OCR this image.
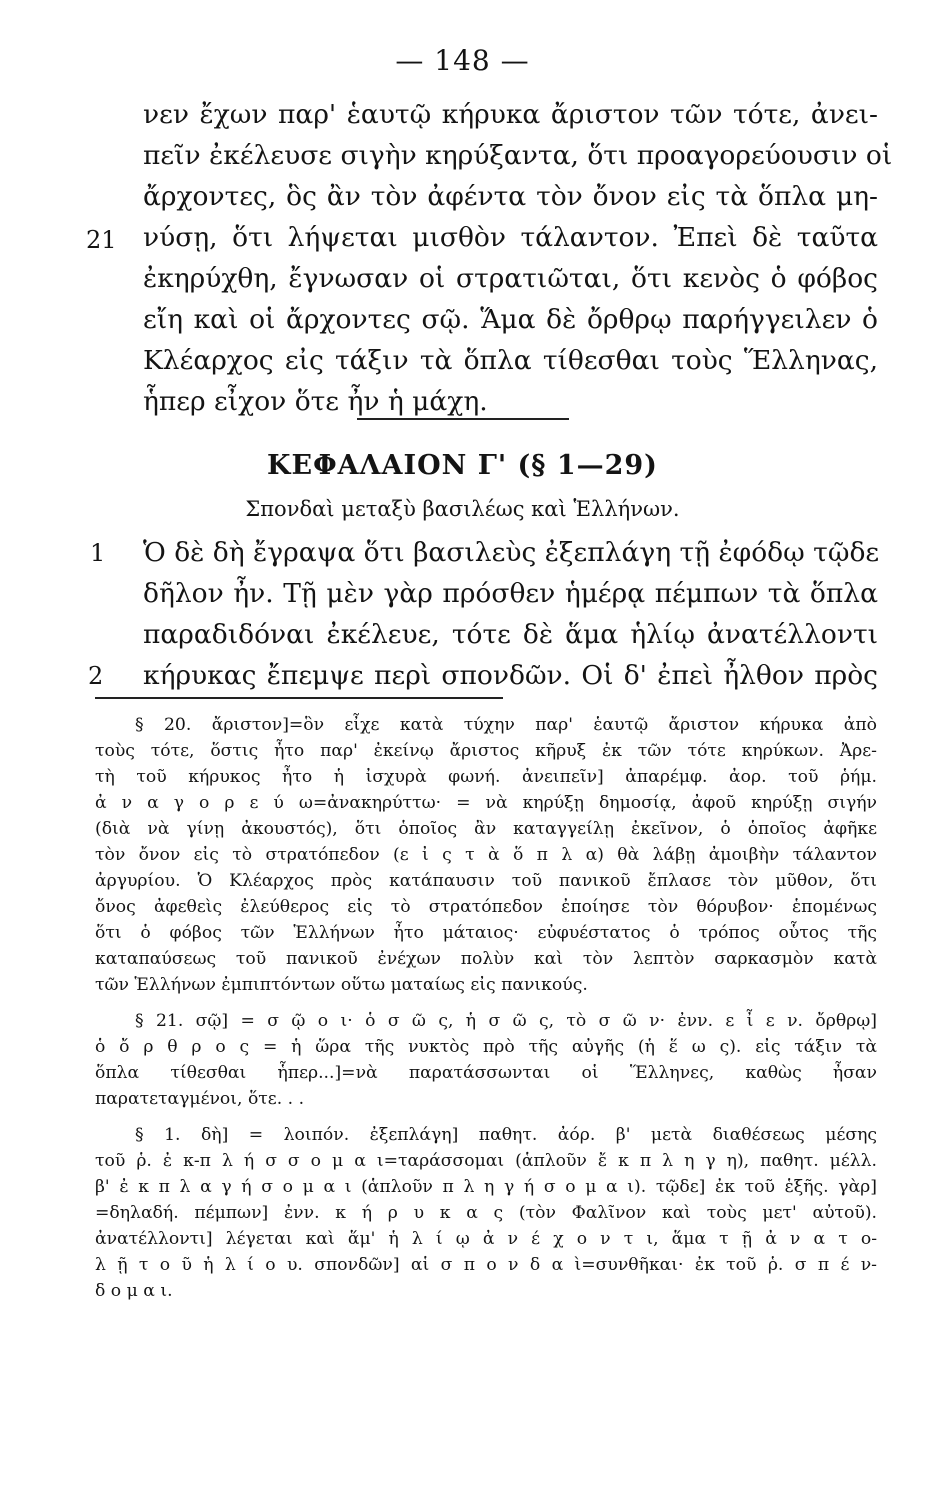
— 148 —
νεν ἔχων παρ' ἑαυτῷ κήρυκα ἄριστον τῶν τότε, ἀνει-
πεῖν ἐκέλευσε σιγὴν κηρύξαντα, ὅτι προαγορεύουσιν οἱ
ἄρχοντες, ὃς ἂν τὸν ἀφέντα τὸν ὄνον εἰς τὰ ὅπλα μη-
νύσῃ, ὅτι λήψεται μισθὸν τάλαντον. Ἐπεὶ δὲ ταῦτα
ἐκηρύχθη, ἔγνωσαν οἱ στρατιῶται, ὅτι κενὸς ὁ φόβος
εἴη καὶ οἱ ἄρχοντες σῷ. Ἅμα δὲ ὄρθρῳ παρήγγειλεν ὁ
Κλέαρχος εἰς τάξιν τὰ ὅπλα τίθεσθαι τοὺς Ἕλληνας,
ἧπερ εἶχον ὅτε ἦν ἡ μάχη.
21
ΚΕΦΑΛΑΙΟΝ Γ' (§ 1—29)
Σπονδαὶ μεταξὺ βασιλέως καὶ Ἑλλήνων.
Ὁ δὲ δὴ ἔγραψα ὅτι βασιλεὺς ἐξεπλάγη τῇ ἐφόδῳ τῷδε
δῆλον ἦν. Τῇ μὲν γὰρ πρόσθεν ἡμέρᾳ πέμπων τὰ ὅπλα
παραδιδόναι ἐκέλευε, τότε δὲ ἅμα ἡλίῳ ἀνατέλλοντι
κήρυκας ἔπεμψε περὶ σπονδῶν. Οἱ δ' ἐπεὶ ἦλθον πρὸς
1
2
§ 20. ἄριστον]=ὃν εἶχε κατὰ τύχην παρ' ἑαυτῷ ἄριστον κήρυκα ἀπὸ
τοὺς τότε, ὅστις ἦτο παρ' ἐκείνῳ ἄριστος κῆρυξ ἐκ τῶν τότε κηρύκων. Ἀρε-
τὴ τοῦ κήρυκος ἦτο ἡ ἰσχυρὰ φωνή. ἀνειπεῖν] ἀπαρέμφ. ἀορ. τοῦ ῥήμ.
ἀ ν α γ ο ρ ε ύ ω=ἀνακηρύττω· = νὰ κηρύξῃ δημοσίᾳ, ἀφοῦ κηρύξῃ σιγήν
(διὰ νὰ γίνῃ ἀκουστός), ὅτι ὁποῖος ἂν καταγγείλῃ ἐκεῖνον, ὁ ὁποῖος ἀφῆκε
τὸν ὄνον εἰς τὸ στρατόπεδον (ε ἰ ς τ ὰ ὅ π λ α) θὰ λάβῃ ἀμοιβὴν τάλαντον
ἀργυρίου. Ὁ Κλέαρχος πρὸς κατάπαυσιν τοῦ πανικοῦ ἔπλασε τὸν μῦθον, ὅτι
ὄνος ἀφεθεὶς ἐλεύθερος εἰς τὸ στρατόπεδον ἐποίησε τὸν θόρυβον· ἑπομένως
ὅτι ὁ φόβος τῶν Ἑλλήνων ἦτο μάταιος· εὐφυέστατος ὁ τρόπος οὗτος τῆς
καταπαύσεως τοῦ πανικοῦ ἐνέχων πολὺν καὶ τὸν λεπτὸν σαρκασμὸν κατὰ
τῶν Ἑλλήνων ἐμπιπτόντων οὕτω ματαίως εἰς πανικούς.
§ 21. σῷ] = σ ῷ ο ι· ὁ σ ῶ ς, ἡ σ ῶ ς, τὸ σ ῶ ν· ἐνν. ε ἶ ε ν. ὄρθρῳ]
ὁ ὄ ρ θ ρ ο ς = ἡ ὥρα τῆς νυκτὸς πρὸ τῆς αὐγῆς (ἡ ἕ ω ς). εἰς τάξιν τὰ
ὅπλα τίθεσθαι ἧπερ...]=νὰ παρατάσσωνται οἱ Ἕλληνες, καθὼς ἦσαν
παρατεταγμένοι, ὅτε. . .
§ 1. δὴ] = λοιπόν. ἐξεπλάγη] παθητ. ἀόρ. β' μετὰ διαθέσεως μέσης
τοῦ ῥ. ἐ κ-π λ ή σ σ ο μ α ι=ταράσσομαι (ἁπλοῦν ἔ κ π λ η γ η), παθητ. μέλλ.
β' ἐ κ π λ α γ ή σ ο μ α ι (ἁπλοῦν π λ η γ ή σ ο μ α ι). τῷδε] ἐκ τοῦ ἑξῆς. γὰρ]
=δηλαδή. πέμπων] ἐνν. κ ή ρ υ κ α ς (τὸν Φαλῖνον καὶ τοὺς μετ' αὐτοῦ).
ἀνατέλλοντι] λέγεται καὶ ἅμ' ἡ λ ί ῳ ἀ ν έ χ ο ν τ ι, ἅμα τ ῇ ἀ ν α τ ο-
λ ῇ τ ο ῦ ἡ λ ί ο υ. σπονδῶν] αἱ σ π ο ν δ α ὶ=συνθῆκαι· ἐκ τοῦ ῥ. σ π έ ν-
δ ο μ α ι.
